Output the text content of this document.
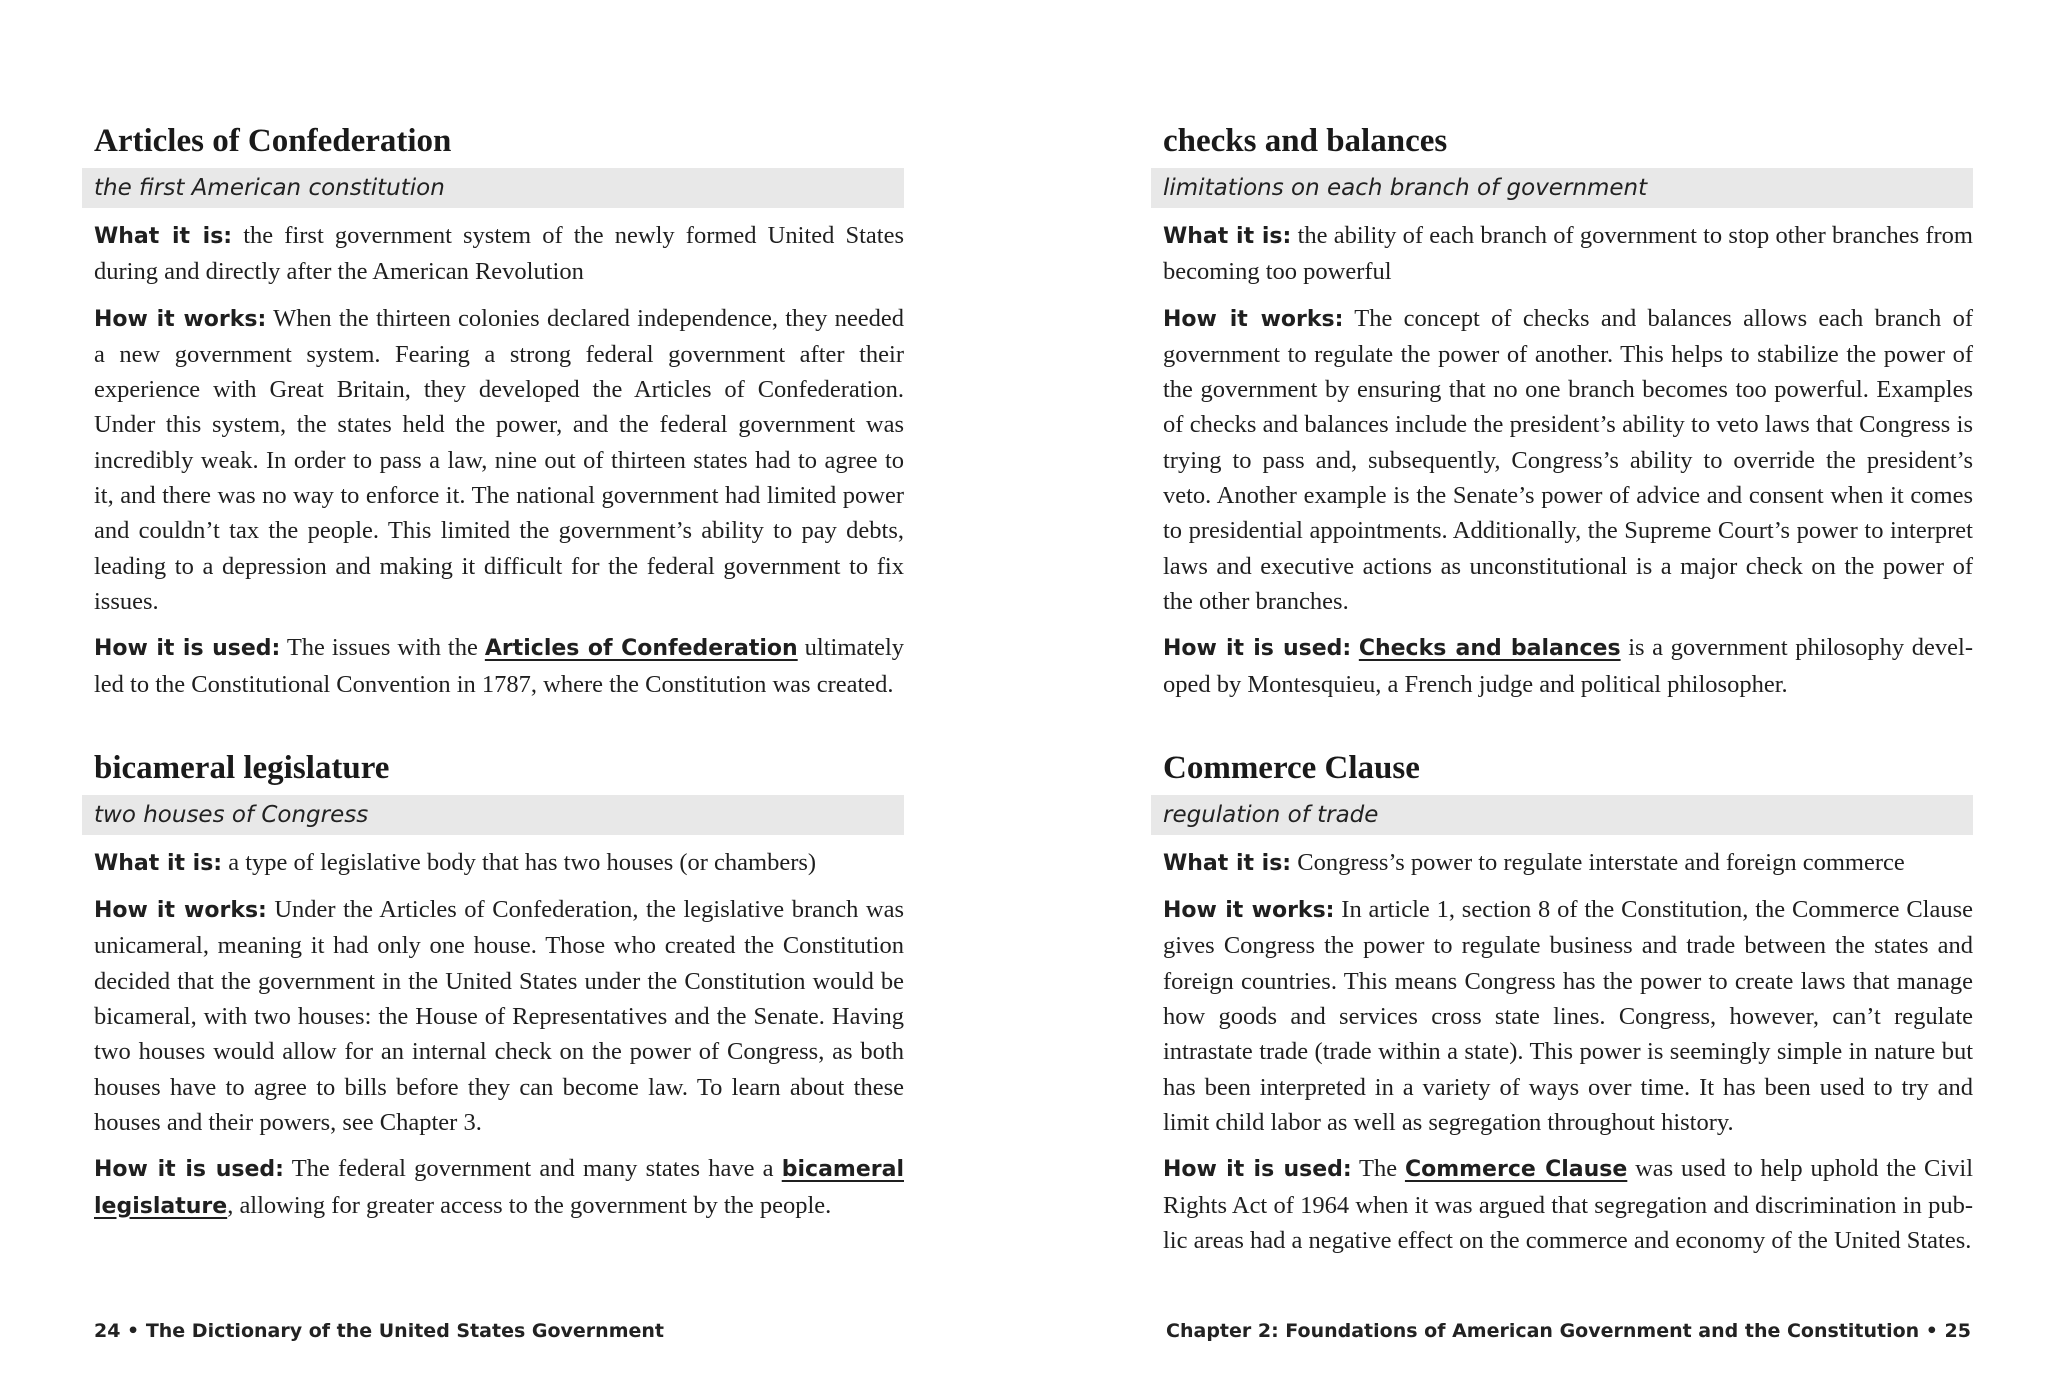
Articles of Confederation
the first American constitution

What it is: the first government system of the newly formed United States during and directly after the American Revolution

How it works: When the thirteen colonies declared independence, they needed a new government system. Fearing a strong federal government after their experience with Great Britain, they developed the Articles of Confederation. Under this system, the states held the power, and the federal government was incredibly weak. In order to pass a law, nine out of thirteen states had to agree to it, and there was no way to enforce it. The national government had limited power and couldn’t tax the people. This limited the government’s ability to pay debts, leading to a depression and making it difficult for the federal government to fix issues.

How it is used: The issues with the Articles of Confederation ultimately led to the Constitutional Convention in 1787, where the Constitution was created.

bicameral legislature
two houses of Congress

What it is: a type of legislative body that has two houses (or chambers)

How it works: Under the Articles of Confederation, the legislative branch was unicameral, meaning it had only one house. Those who created the Constitution decided that the government in the United States under the Constitution would be bicameral, with two houses: the House of Representatives and the Senate. Having two houses would allow for an internal check on the power of Congress, as both houses have to agree to bills before they can become law. To learn about these houses and their powers, see Chapter 3.

How it is used: The federal government and many states have a bicameral legislature, allowing for greater access to the government by the people.

checks and balances
limitations on each branch of government

What it is: the ability of each branch of government to stop other branches from becoming too powerful

How it works: The concept of checks and balances allows each branch of government to regulate the power of another. This helps to stabilize the power of the government by ensuring that no one branch becomes too powerful. Examples of checks and balances include the president’s ability to veto laws that Congress is trying to pass and, subsequently, Congress’s ability to override the president’s veto. Another example is the Senate’s power of advice and consent when it comes to presidential appointments. Additionally, the Supreme Court’s power to interpret laws and executive actions as unconstitutional is a major check on the power of the other branches.

How it is used: Checks and balances is a government philosophy developed by Montesquieu, a French judge and political philosopher.

Commerce Clause
regulation of trade

What it is: Congress’s power to regulate interstate and foreign commerce

How it works: In article 1, section 8 of the Constitution, the Commerce Clause gives Congress the power to regulate business and trade between the states and foreign countries. This means Congress has the power to create laws that manage how goods and services cross state lines. Congress, however, can’t regulate intrastate trade (trade within a state). This power is seemingly simple in nature but has been interpreted in a variety of ways over time. It has been used to try and limit child labor as well as segregation throughout history.

How it is used: The Commerce Clause was used to help uphold the Civil Rights Act of 1964 when it was argued that segregation and discrimination in public areas had a negative effect on the commerce and economy of the United States.

24 • The Dictionary of the United States Government	Chapter 2: Foundations of American Government and the Constitution • 25
